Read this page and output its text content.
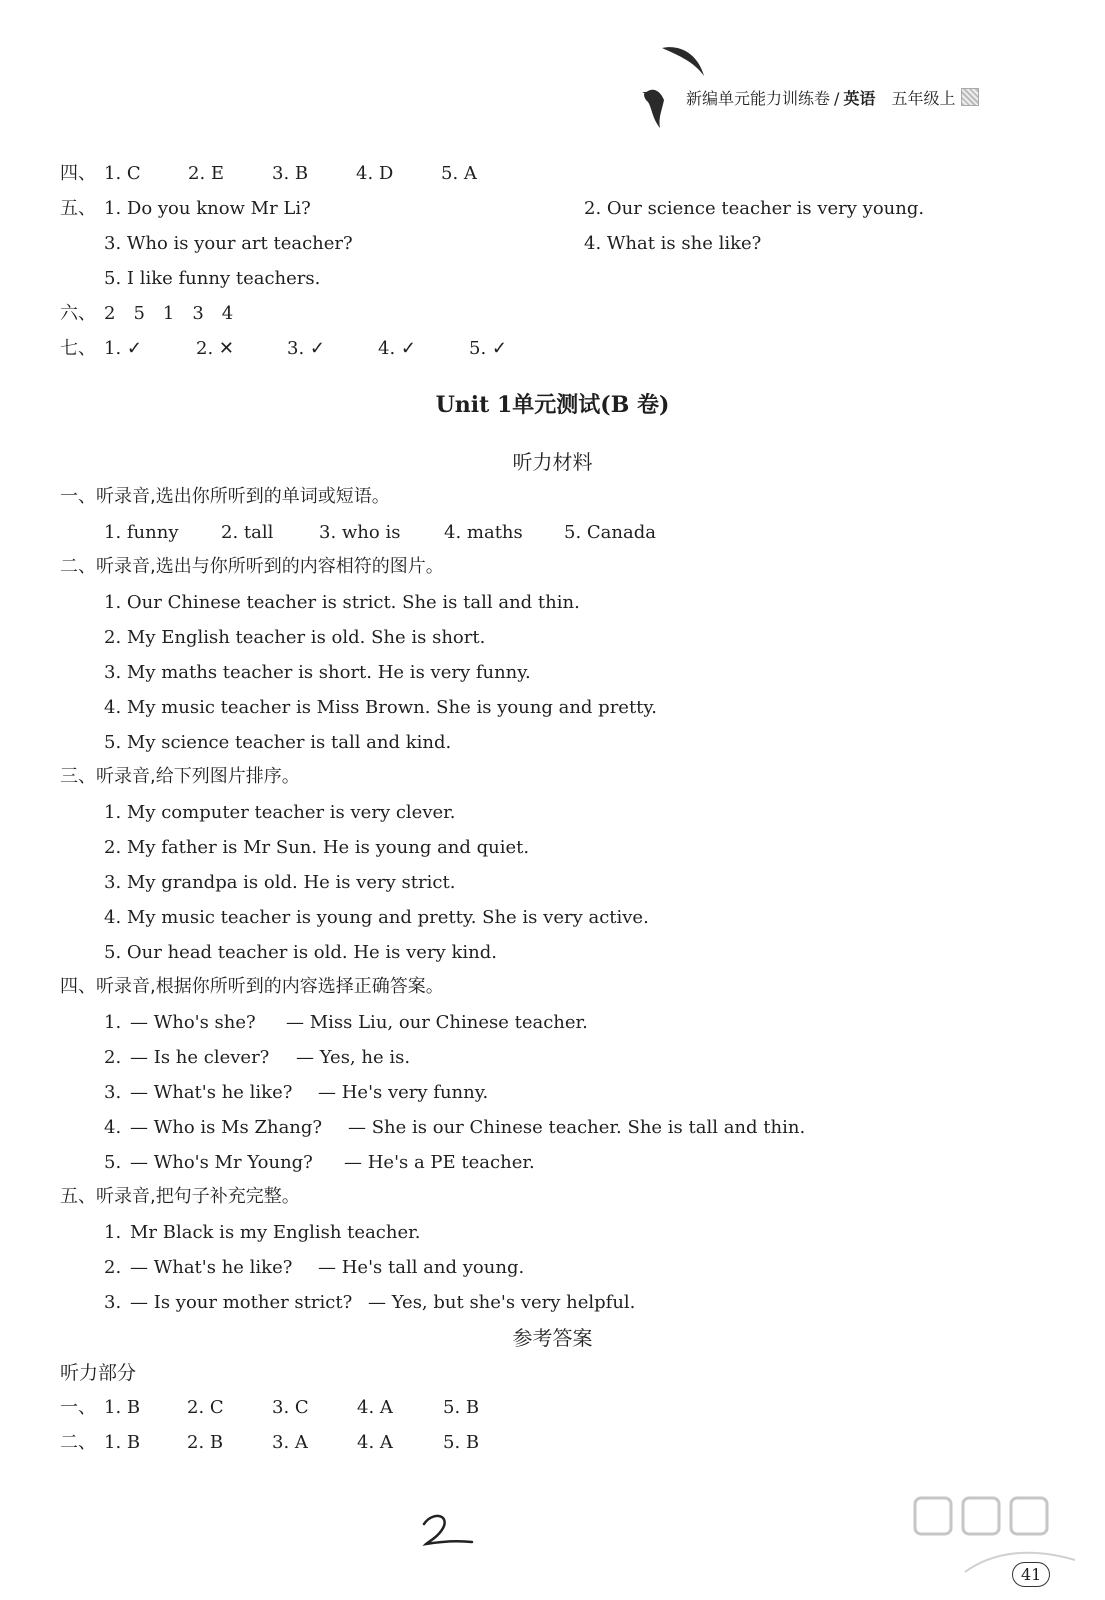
新编单元能力训练卷 / 英语　 五年级上
四、 1. C	2. E	3. B	4. D	5. A
五、 1. Do you know Mr Li?	2. Our science teacher is very young.
3. Who is your art teacher?	4. What is she like?
5. I like funny teachers.
六、 2　5　1　3　4
七、 1. ✓	2. ✕	3. ✓	4. ✓	5. ✓
Unit 1单元测试(B 卷)
听力材料
一、听录音,选出你所听到的单词或短语。
1. funny 2. tall	3. who is 4. maths 5. Canada
二、听录音,选出与你所听到的内容相符的图片。
1. Our Chinese teacher is strict. She is tall and thin.
2. My English teacher is old. She is short.
3. My maths teacher is short. He is very funny.
4. My music teacher is Miss Brown. She is young and pretty.
5. My science teacher is tall and kind.
三、听录音,给下列图片排序。
1. My computer teacher is very clever.
2. My father is Mr Sun. He is young and quiet.
3. My grandpa is old. He is very strict.
4. My music teacher is young and pretty. She is very active.
5. Our head teacher is old. He is very kind.
四、听录音,根据你所听到的内容选择正确答案。
1. — Who's she? — Miss Liu, our Chinese teacher.
2. — Is he clever? — Yes, he is.
3. — What's he like? — He's very funny.
4. — Who is Ms Zhang? — She is our Chinese teacher. She is tall and thin.
5. — Who's Mr Young? — He's a PE teacher.
五、听录音,把句子补充完整。
1. Mr Black is my English teacher.
2. — What's he like? — He's tall and young.
3. — Is your mother strict? — Yes, but she's very helpful.
参考答案
听力部分
一、 1. B	2. C	3. C	4. A	5. B
二、 1. B	2. B	3. A	4. A	5. B
41
